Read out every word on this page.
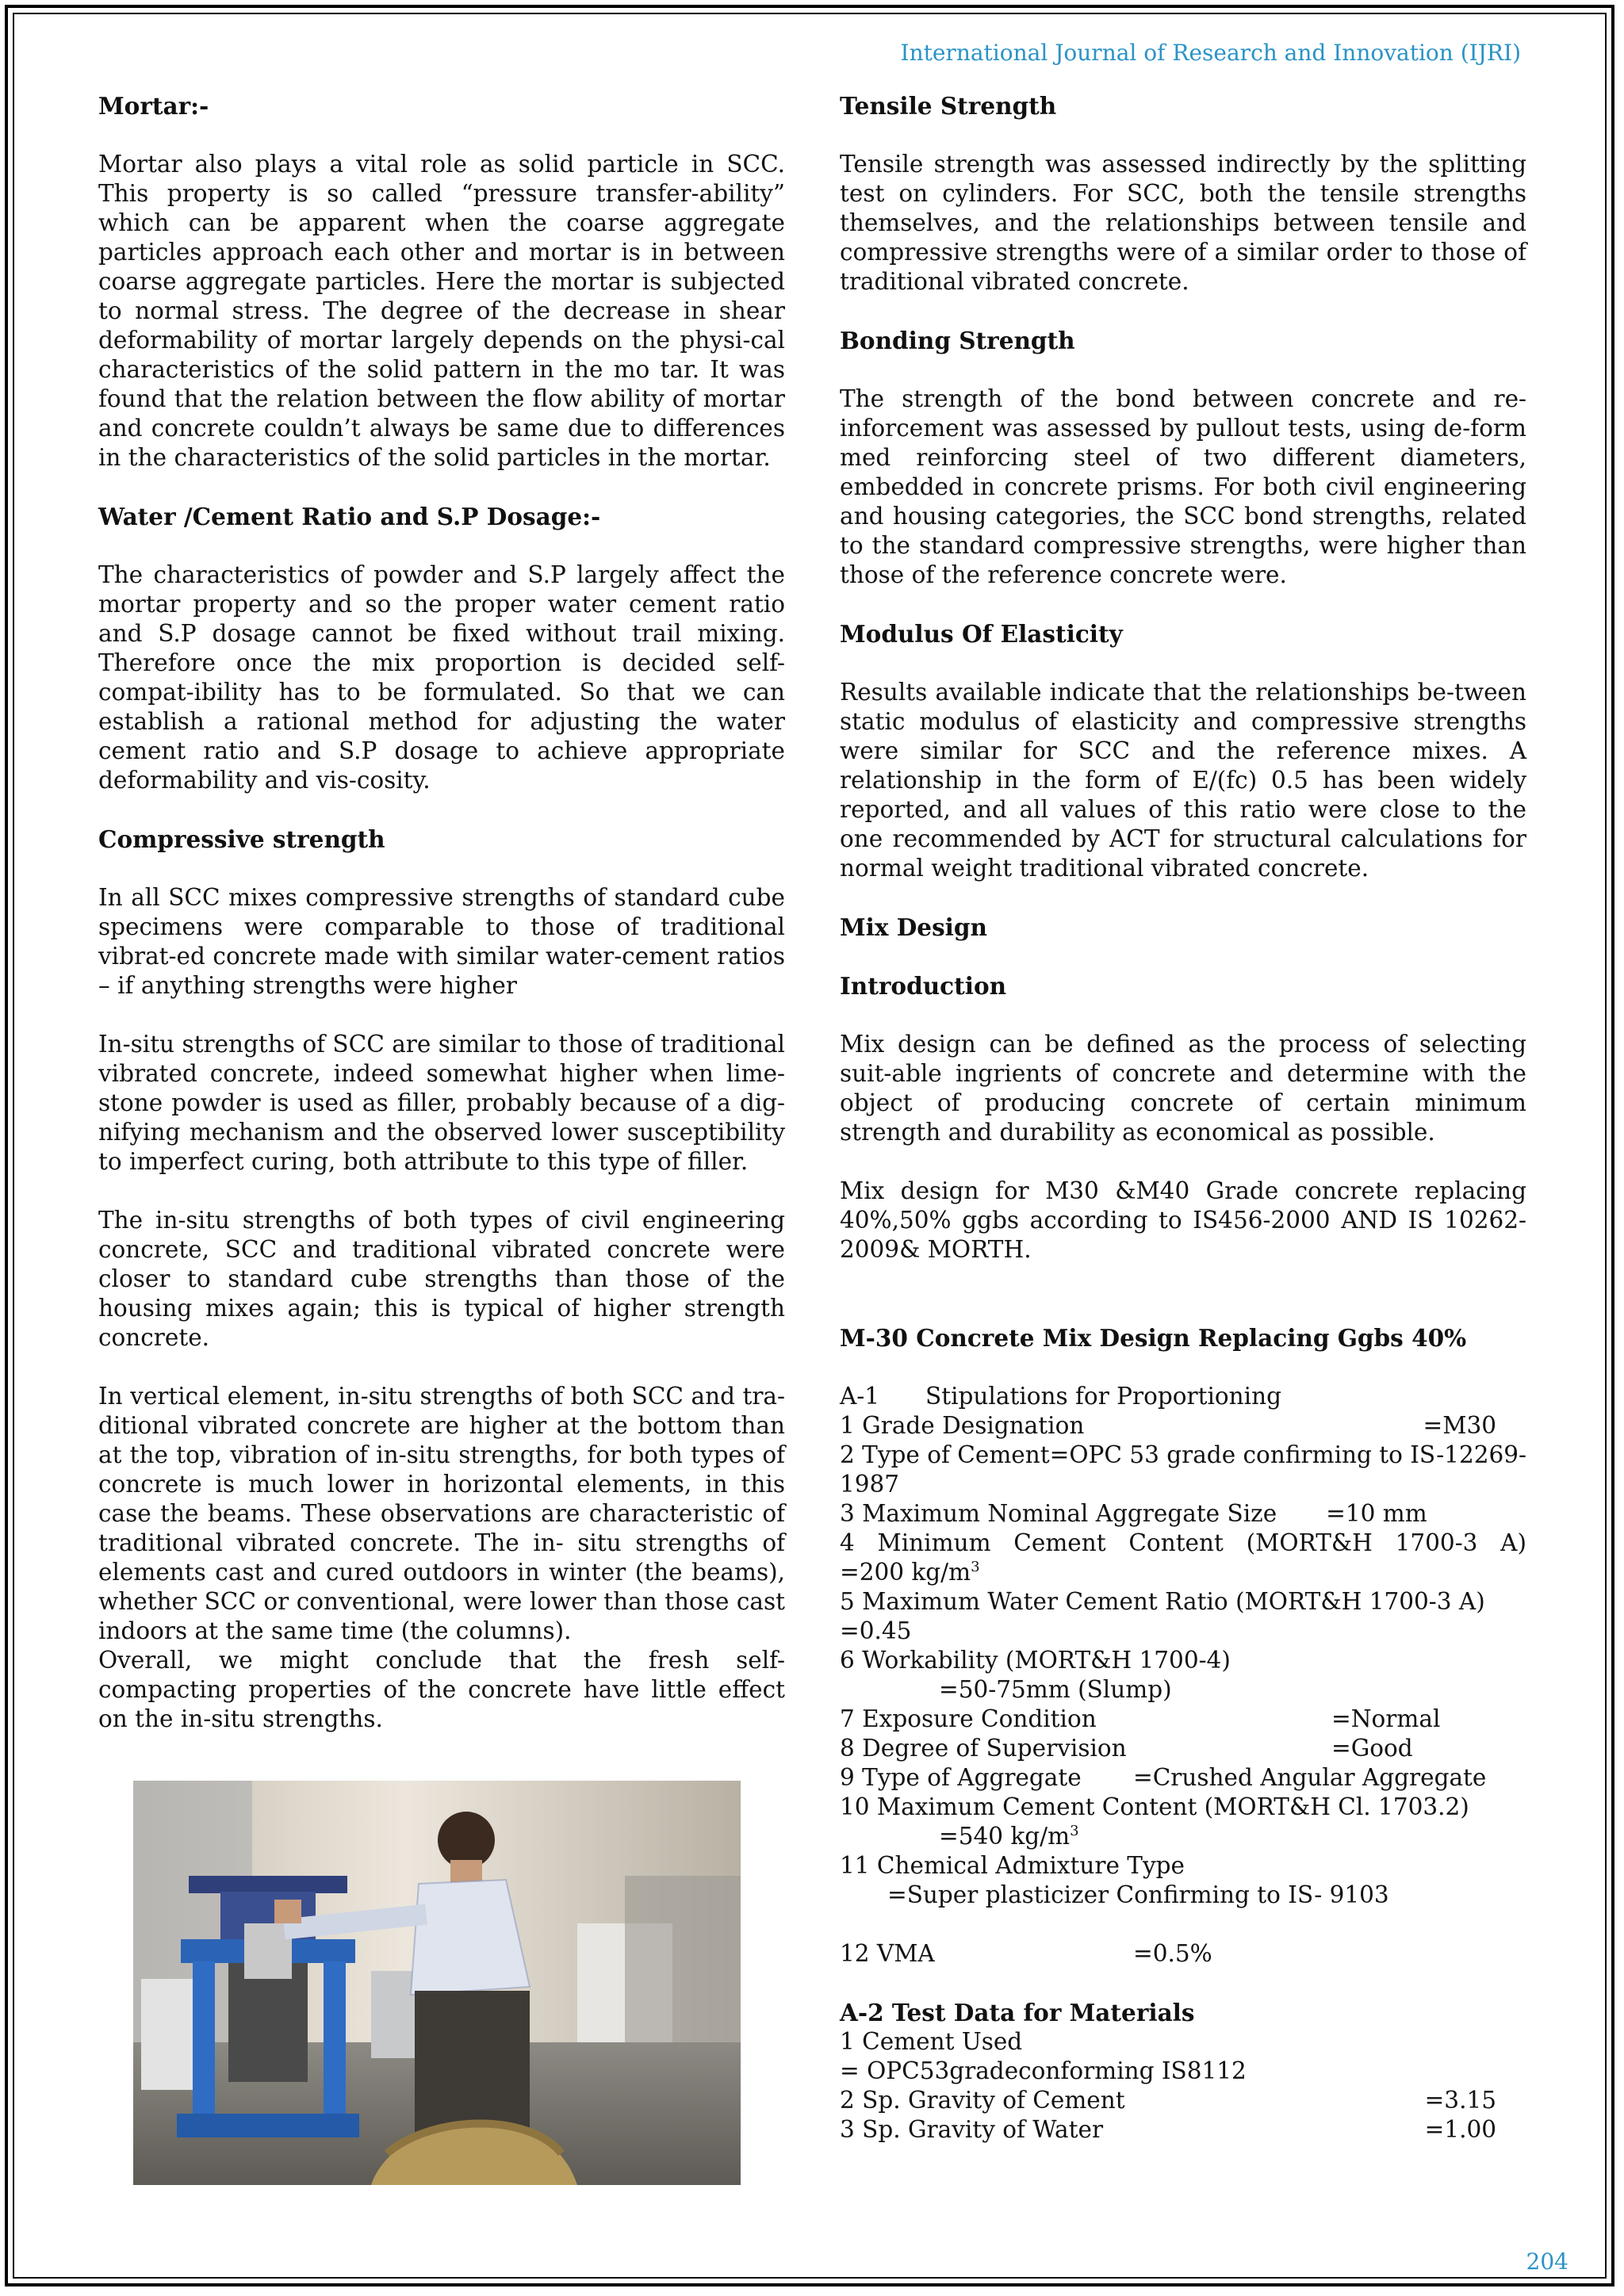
International Journal of Research and Innovation (IJRI)
Mortar:-

Mortar also plays a vital role as solid particle in SCC. This property is so called “pressure transfer-ability” which can be apparent when the coarse aggregate particles approach each other and mortar is in between coarse aggregate particles. Here the mortar is subjected to normal stress. The degree of the decrease in shear deformability of mortar largely depends on the physi-cal characteristics of the solid pattern in the mo tar. It was found that the relation between the flow ability of mortar and concrete couldn’t always be same due to differences in the characteristics of the solid particles in the mortar.

Water /Cement Ratio and S.P Dosage:-

The characteristics of powder and S.P largely affect the mortar property and so the proper water cement ratio and S.P dosage cannot be fixed without trail mixing. Therefore once the mix proportion is decided self-compat-ibility has to be formulated. So that we can establish a rational method for adjusting the water cement ratio and S.P dosage to achieve appropriate deformability and vis-cosity.

Compressive strength

In all SCC mixes compressive strengths of standard cube specimens were comparable to those of traditional vibrat-ed concrete made with similar water-cement ratios – if anything strengths were higher

In-situ strengths of SCC are similar to those of traditional vibrated concrete, indeed somewhat higher when lime-stone powder is used as filler, probably because of a dig-nifying mechanism and the observed lower susceptibility to imperfect curing, both attribute to this type of filler.

The in-situ strengths of both types of civil engineering concrete, SCC and traditional vibrated concrete were closer to standard cube strengths than those of the housing mixes again; this is typical of higher strength concrete.

In vertical element, in-situ strengths of both SCC and tra-ditional vibrated concrete are higher at the bottom than at the top, vibration of in-situ strengths, for both types of concrete is much lower in horizontal elements, in this case the beams. These observations are characteristic of traditional vibrated concrete. The in- situ strengths of elements cast and cured outdoors in winter (the beams), whether SCC or conventional, were lower than those cast indoors at the same time (the columns).

Overall, we might conclude that the fresh self-compacting properties of the concrete have little effect on the in-situ strengths.

Tensile Strength

Tensile strength was assessed indirectly by the splitting test on cylinders. For SCC, both the tensile strengths themselves, and the relationships between tensile and compressive strengths were of a similar order to those of traditional vibrated concrete.

Bonding Strength

The strength of the bond between concrete and re-inforcement was assessed by pullout tests, using de-form med reinforcing steel of two different diameters, embedded in concrete prisms. For both civil engineering and housing categories, the SCC bond strengths, related to the standard compressive strengths, were higher than those of the reference concrete were.

Modulus Of Elasticity

Results available indicate that the relationships be-tween static modulus of elasticity and compressive strengths were similar for SCC and the reference mixes. A relationship in the form of E/(fc) 0.5 has been widely reported, and all values of this ratio were close to the one recommended by ACT for structural calculations for normal weight traditional vibrated concrete.

Mix Design
Introduction

Mix design can be defined as the process of selecting suit-able ingrients of concrete and determine with the object of producing concrete of certain minimum strength and durability as economical as possible.

Mix design for M30 &M40 Grade concrete replacing 40%,50% ggbs according to IS456-2000 AND IS 10262-2009& MORTH.

M-30 Concrete Mix Design Replacing Ggbs 40%
A-1 Stipulations for Proportioning
1 Grade Designation	=M30
2 Type of Cement=OPC 53 grade confirming to IS-12269-1987
3 Maximum Nominal Aggregate Size =10 mm
4 Minimum Cement Content (MORT&H 1700-3 A)
=200 $kg/m^3$
5 Maximum Water Cement Ratio (MORT&H 1700-3 A)
=0.45
6 Workability (MORT&H 1700-4)
=50-75mm (Slump)
7 Exposure Condition	=Normal
8 Degree of Supervision	=Good
9 Type of Aggregate =Crushed Angular Aggregate
10 Maximum Cement Content (MORT&H Cl. 1703.2)
=540 $kg/m^3$
11 Chemical Admixture Type
=Super plasticizer Confirming to IS- 9103
12 VMA	=0.5%
A-2 Test Data for Materials
1 Cement Used
= OPC53gradeconforming IS8112
2 Sp. Gravity of Cement	=3.15
3 Sp. Gravity of Water	=1.00
204
